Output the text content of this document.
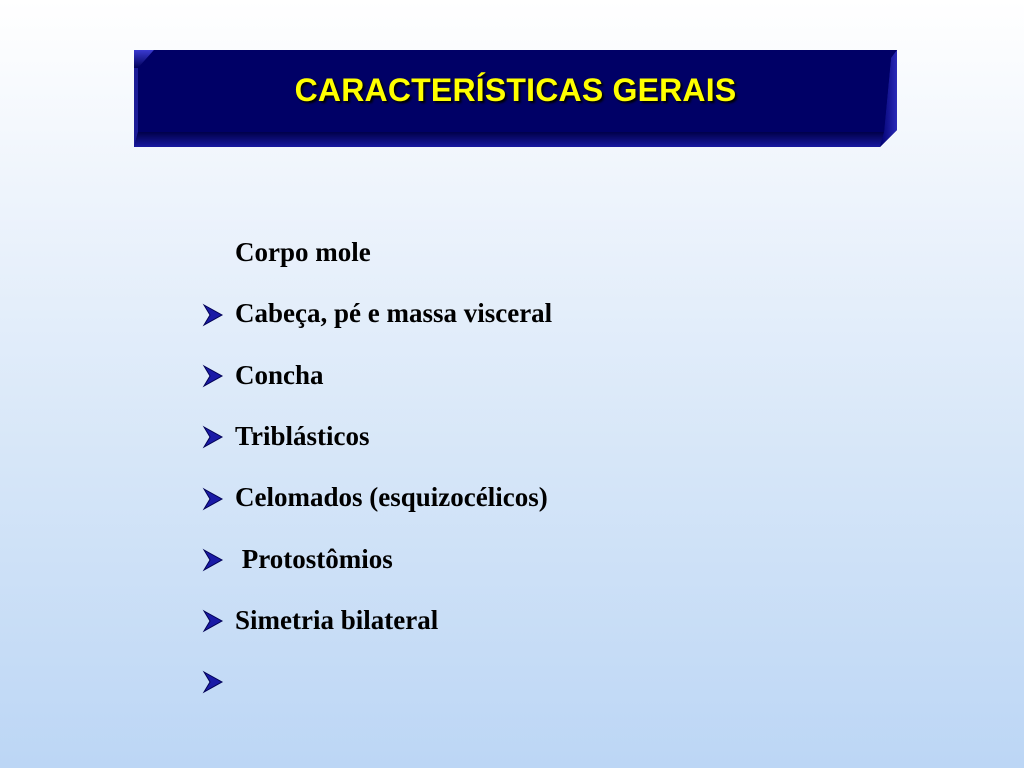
CARACTERÍSTICAS GERAIS

Corpo mole

Cabeça, pé e massa visceral

Concha

Triblásticos

Celomados (esquizocélicos)

Protostômios

Simetria bilateral
